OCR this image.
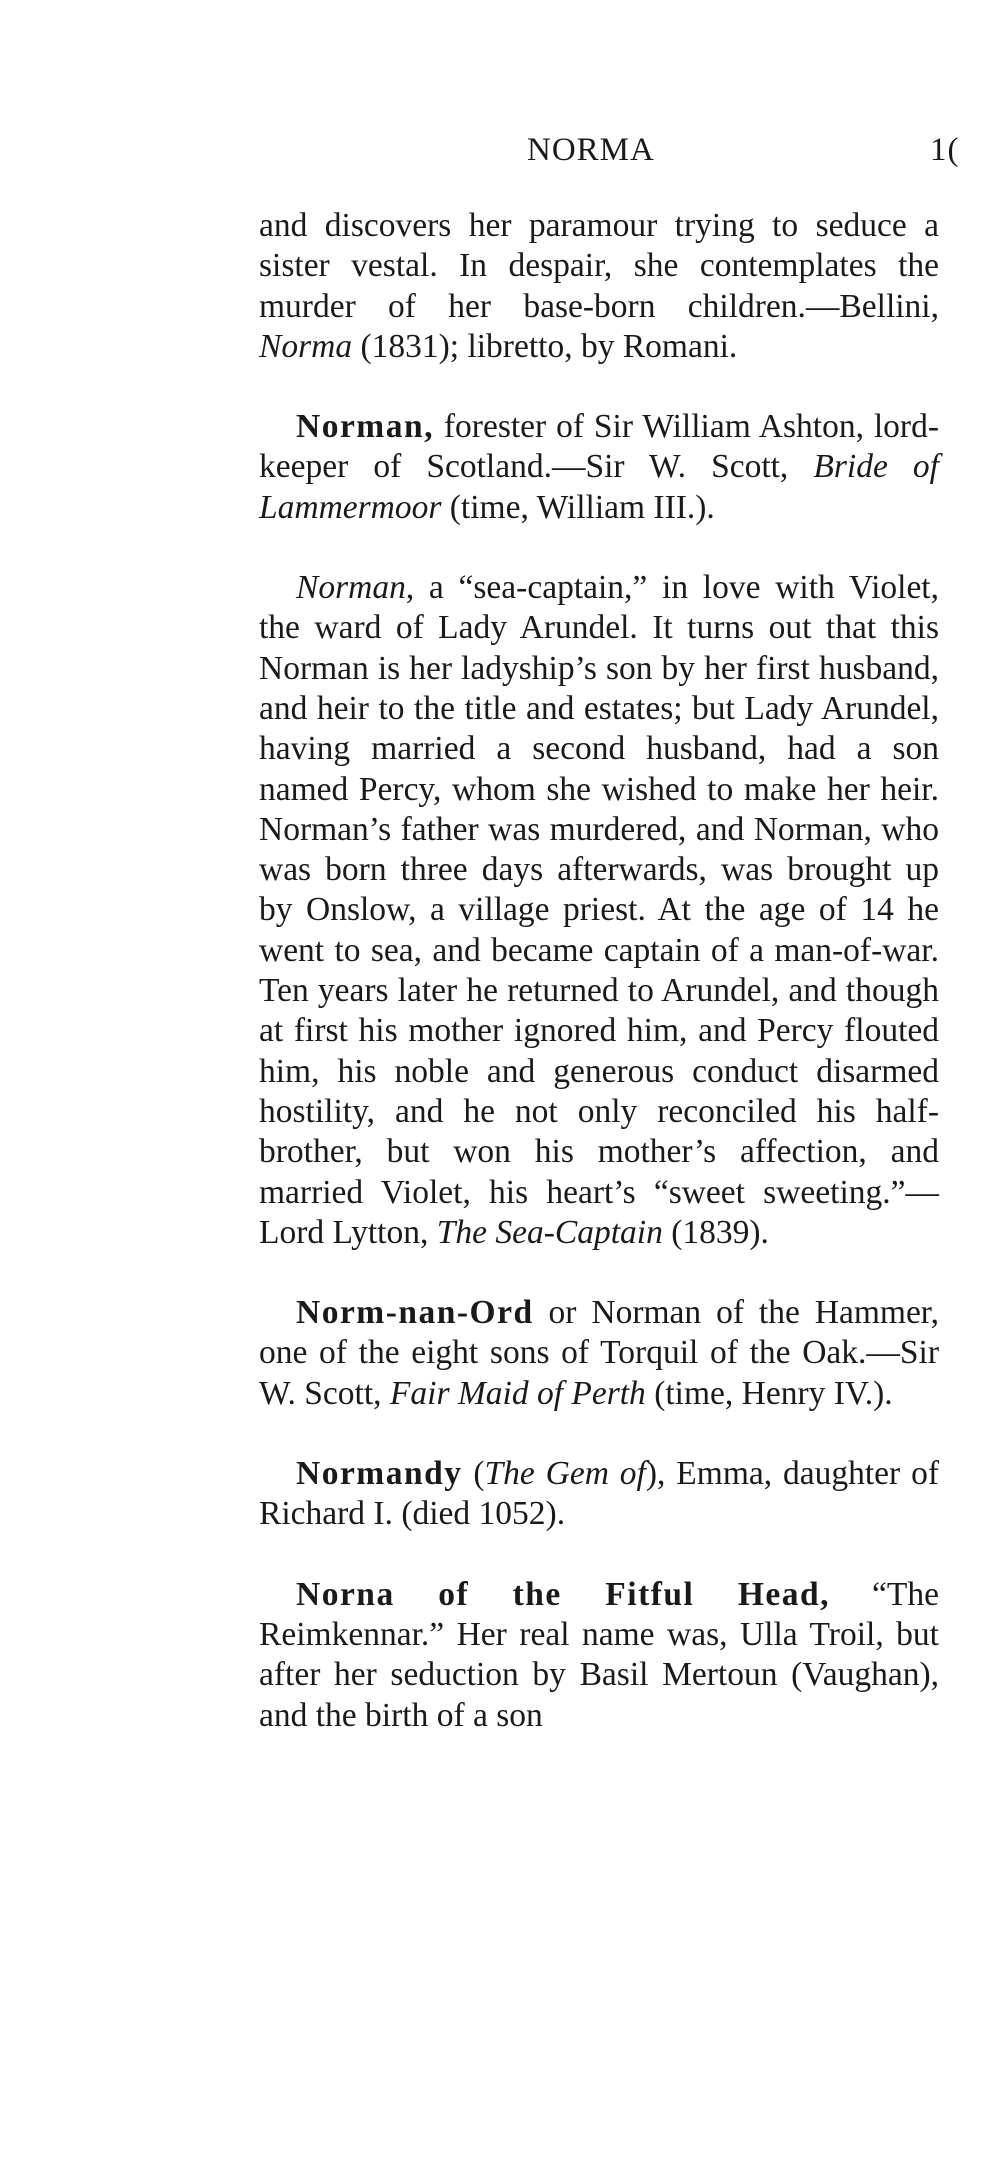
NORMA	1(

and discovers her paramour trying to seduce a sister vestal. In despair, she contemplates the murder of her base-born children.—Bellini, Norma (1831); libretto, by Romani.

Norman, forester of Sir William Ashton, lord-keeper of Scotland.—Sir W. Scott, Bride of Lammermoor (time, William III.).

Norman, a “sea-captain,” in love with Violet, the ward of Lady Arundel. It turns out that this Norman is her ladyship’s son by her first husband, and heir to the title and estates; but Lady Arundel, having married a second husband, had a son named Percy, whom she wished to make her heir. Norman’s father was murdered, and Norman, who was born three days afterwards, was brought up by Onslow, a village priest. At the age of 14 he went to sea, and became captain of a man-of-war. Ten years later he returned to Arundel, and though at first his mother ignored him, and Percy flouted him, his noble and generous conduct disarmed hostility, and he not only reconciled his half-brother, but won his mother’s affection, and married Violet, his heart’s “sweet sweeting.”—Lord Lytton, The Sea-Captain (1839).

Norm-nan-Ord or Norman of the Hammer, one of the eight sons of Torquil of the Oak.—Sir W. Scott, Fair Maid of Perth (time, Henry IV.).

Normandy (The Gem of), Emma, daughter of Richard I. (died 1052).

Norna of the Fitful Head, “The Reimkennar.” Her real name was, Ulla Troil, but after her seduction by Basil Mertoun (Vaughan), and the birth of a son
